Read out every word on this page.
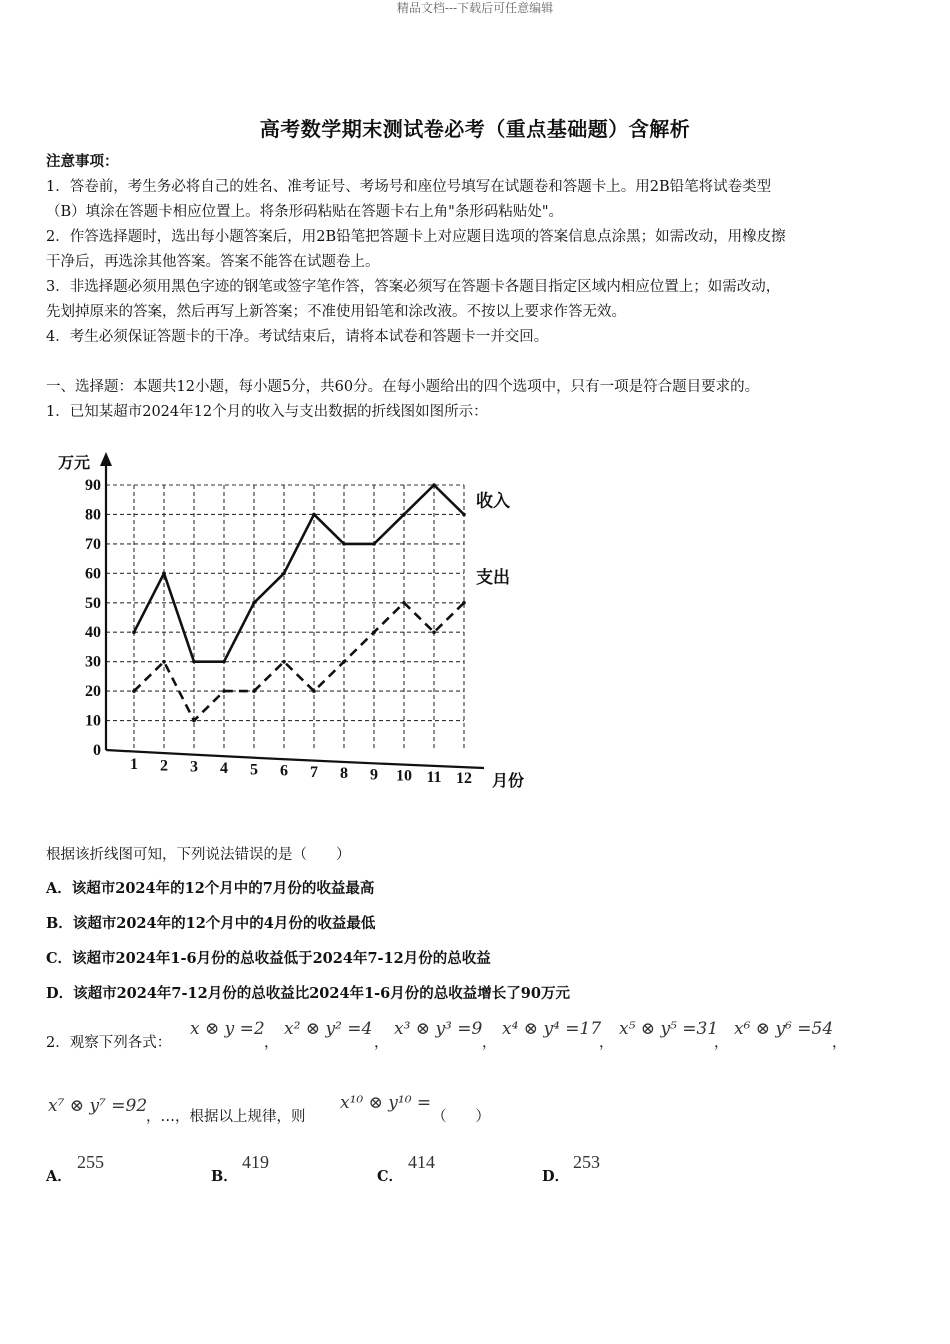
精品文档---下载后可任意编辑
高考数学期末测试卷必考（重点基础题）含解析
注意事项：
1．答卷前，考生务必将自己的姓名、准考证号、考场号和座位号填写在试题卷和答题卡上。用2B铅笔将试卷类型
（B）填涂在答题卡相应位置上。将条形码粘贴在答题卡右上角"条形码粘贴处"。
2．作答选择题时，选出每小题答案后，用2B铅笔把答题卡上对应题目选项的答案信息点涂黑；如需改动，用橡皮擦
干净后，再选涂其他答案。答案不能答在试题卷上。
3．非选择题必须用黑色字迹的钢笔或签字笔作答，答案必须写在答题卡各题目指定区域内相应位置上；如需改动，
先划掉原来的答案，然后再写上新答案；不准使用铅笔和涂改液。不按以上要求作答无效。
4．考生必须保证答题卡的干净。考试结束后，请将本试卷和答题卡一并交回。
一、选择题：本题共12小题，每小题5分，共60分。在每小题给出的四个选项中，只有一项是符合题目要求的。
1．已知某超市2024年12个月的收入与支出数据的折线图如图所示：
0
10
20
30
40
50
60
70
80
90
1 2 3 4 5 6 7 8 9 10 11 12
万元
月份
收入
支出
根据该折线图可知，下列说法错误的是（　　）
A．该超市2024年的12个月中的7月份的收益最高
B．该超市2024年的12个月中的4月份的收益最低
C．该超市2024年1-6月份的总收益低于2024年7-12月份的总收益
D．该超市2024年7-12月份的总收益比2024年1-6月份的总收益增长了90万元
2．观察下列各式：
x ⊗ y =2
，
x² ⊗ y² =4
，
x³ ⊗ y³ =9
，
x⁴ ⊗ y⁴ =17
，
x⁵ ⊗ y⁵ =31
，
x⁶ ⊗ y⁶ =54
，
x⁷ ⊗ y⁷ =92
，…，根据以上规律，则
x¹⁰ ⊗ y¹⁰ =
（　　）
A．
255
B．
419
C．
414
D．
253
